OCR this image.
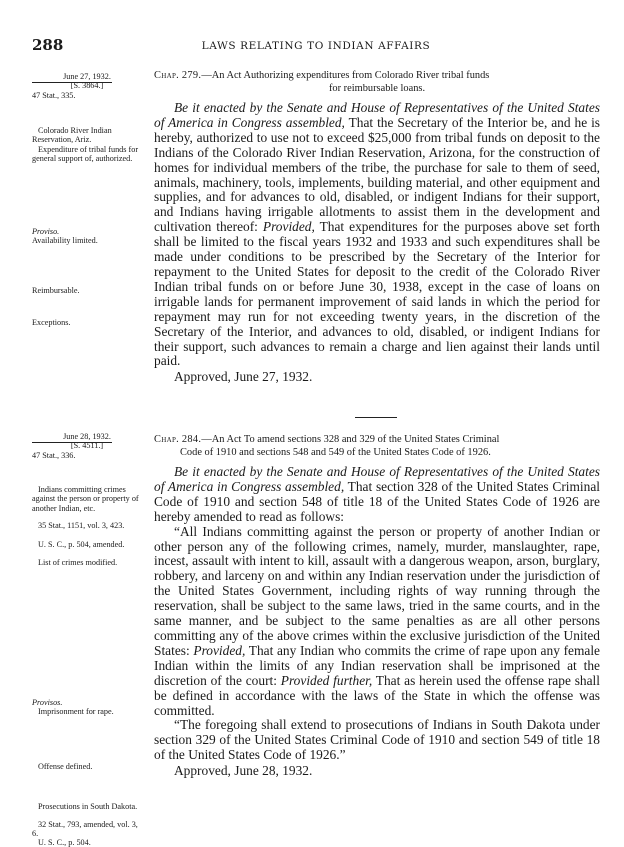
288	LAWS RELATING TO INDIAN AFFAIRS
June 27, 1932.
[S. 3864.]
47 Stat., 335.
Colorado River Indian Reservation, Ariz.
Expenditure of tribal funds for general support of, authorized.
Proviso.
Availability limited.
Reimbursable.
Exceptions.

Chap. 279.—An Act Authorizing expenditures from Colorado River tribal funds
for reimbursable loans.

Be it enacted by the Senate and House of Representatives of the United States of America in Congress assembled, That the Secretary of the Interior be, and he is hereby, authorized to use not to exceed $25,000 from tribal funds on deposit to the Indians of the Colorado River Indian Reservation, Arizona, for the construction of homes for individual members of the tribe, the purchase for sale to them of seed, animals, machinery, tools, implements, building material, and other equipment and supplies, and for advances to old, disabled, or indigent Indians for their support, and Indians having irrigable allotments to assist them in the development and cultivation thereof: Provided, That expenditures for the purposes above set forth shall be limited to the fiscal years 1932 and 1933 and such expenditures shall be made under conditions to be prescribed by the Secretary of the Interior for repayment to the United States for deposit to the credit of the Colorado River Indian tribal funds on or before June 30, 1938, except in the case of loans on irrigable lands for permanent improvement of said lands in which the period for repayment may run for not exceeding twenty years, in the discretion of the Secretary of the Interior, and advances to old, disabled, or indigent Indians for their support, such advances to remain a charge and lien against their lands until paid.

Approved, June 27, 1932.

June 28, 1932.
[S. 4511.]
47 Stat., 336.
Indians committing crimes against the person or property of another Indian, etc.
35 Stat., 1151, vol. 3, 423.
U. S. C., p. 504, amended.
List of crimes modified.
Provisos.
Imprisonment for rape.
Offense defined.
Prosecutions in South Dakota.
32 Stat., 793, amended, vol. 3, 6.
U. S. C., p. 504.

Chap. 284.—An Act To amend sections 328 and 329 of the United States Criminal
Code of 1910 and sections 548 and 549 of the United States Code of 1926.

Be it enacted by the Senate and House of Representatives of the United States of America in Congress assembled, That section 328 of the United States Criminal Code of 1910 and section 548 of title 18 of the United States Code of 1926 are hereby amended to read as follows:

“All Indians committing against the person or property of another Indian or other person any of the following crimes, namely, murder, manslaughter, rape, incest, assault with intent to kill, assault with a dangerous weapon, arson, burglary, robbery, and larceny on and within any Indian reservation under the jurisdiction of the United States Government, including rights of way running through the reservation, shall be subject to the same laws, tried in the same courts, and in the same manner, and be subject to the same penalties as are all other persons committing any of the above crimes within the exclusive jurisdiction of the United States: Provided, That any Indian who commits the crime of rape upon any female Indian within the limits of any Indian reservation shall be imprisoned at the discretion of the court: Provided further, That as herein used the offense rape shall be defined in accordance with the laws of the State in which the offense was committed.

“The foregoing shall extend to prosecutions of Indians in South Dakota under section 329 of the United States Criminal Code of 1910 and section 549 of title 18 of the United States Code of 1926.”

Approved, June 28, 1932.
